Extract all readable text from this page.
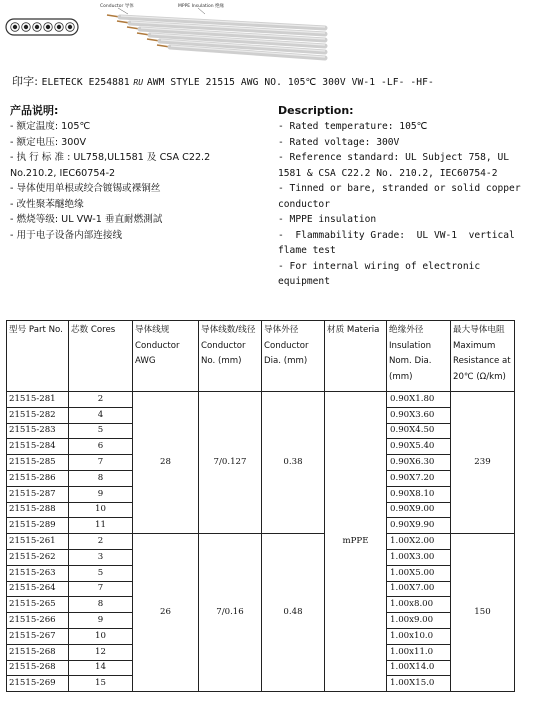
Conductor 导体	MPPE Insulation 绝缘
印字: ELETECK E254881 RU AWM STYLE 21515 AWG NO. 105℃ 300V VW-1 -LF- -HF-
产品说明:
- 额定温度: 105℃
- 额定电压: 300V
- 执 行 标 准 : UL758,UL1581 及 CSA C22.2
No.210.2, IEC60754-2
- 导体使用单根或绞合镀锡或裸铜丝
- 改性聚苯醚绝缘
- 燃烧等级: UL VW-1 垂直耐燃測試
- 用于电子设备内部连接线
Description:
- Rated temperature: 105℃
- Rated voltage: 300V
- Reference standard: UL Subject 758, UL
1581 & CSA C22.2 No. 210.2, IEC60754-2
- Tinned or bare, stranded or solid copper
conductor
- MPPE insulation
-  Flammability Grade:  UL VW-1  vertical
flame test
- For internal wiring of electronic
equipment
型号 Part No.	芯数 Cores	导体线规 Conductor AWG	导体线数/线径 Conductor No. (mm)	导体外径 Conductor Dia. (mm)	材质 Materia	绝缘外径 Insulation Nom. Dia. (mm)	最大导体电阻 Maximum Resistance at 20℃ (Ω/km)
21515-281	2	28	7/0.127	0.38	mPPE	0.90X1.80	239
21515-282	4					0.90X3.60	
21515-283	5					0.90X4.50	
21515-284	6					0.90X5.40	
21515-285	7					0.90X6.30	
21515-286	8					0.90X7.20	
21515-287	9					0.90X8.10	
21515-288	10					0.90X9.00	
21515-289	11					0.90X9.90	
21515-261	2	26	7/0.16	0.48		1.00X2.00	150
21515-262	3					1.00X3.00	
21515-263	5					1.00X5.00	
21515-264	7					1.00X7.00	
21515-265	8					1.00x8.00	
21515-266	9					1.00x9.00	
21515-267	10					1.00x10.0	
21515-268	12					1.00x11.0	
21515-268	14					1.00X14.0	
21515-269	15					1.00X15.0	
